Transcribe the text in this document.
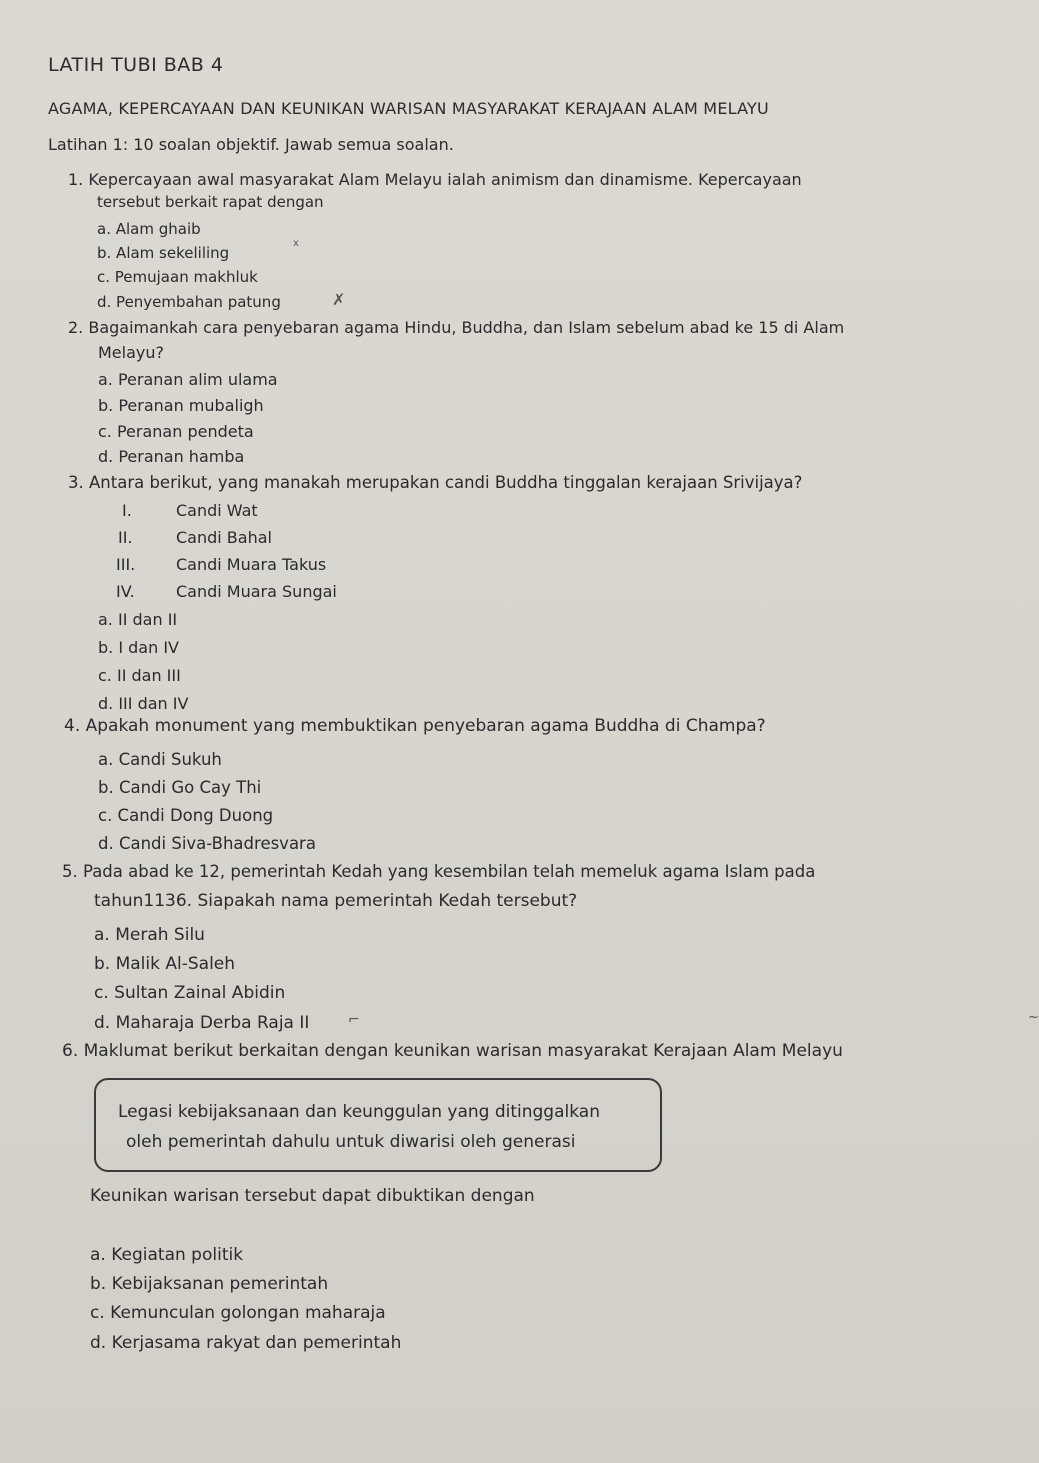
LATIH TUBI BAB 4
AGAMA, KEPERCAYAAN DAN KEUNIKAN WARISAN MASYARAKAT KERAJAAN ALAM MELAYU
Latihan 1: 10 soalan objektif. Jawab semua soalan.
1. Kepercayaan awal masyarakat Alam Melayu ialah animism dan dinamisme. Kepercayaan
tersebut berkait rapat dengan
a. Alam ghaib
b. Alam sekeliling
c. Pemujaan makhluk
d. Penyembahan patung
2. Bagaimankah cara penyebaran agama Hindu, Buddha, dan Islam sebelum abad ke 15 di Alam
Melayu?
a. Peranan alim ulama
b. Peranan mubaligh
c. Peranan pendeta
d. Peranan hamba
3. Antara berikut, yang manakah merupakan candi Buddha tinggalan kerajaan Srivijaya?
I.	Candi Wat
II.	Candi Bahal
III.	Candi Muara Takus
IV.	Candi Muara Sungai
a. II dan II
b. I dan IV
c. II dan III
d. III dan IV
4. Apakah monument yang membuktikan penyebaran agama Buddha di Champa?
a. Candi Sukuh
b. Candi Go Cay Thi
c. Candi Dong Duong
d. Candi Siva-Bhadresvara
5. Pada abad ke 12, pemerintah Kedah yang kesembilan telah memeluk agama Islam pada
tahun1136. Siapakah nama pemerintah Kedah tersebut?
a. Merah Silu
b. Malik Al-Saleh
c. Sultan Zainal Abidin
d. Maharaja Derba Raja II
6. Maklumat berikut berkaitan dengan keunikan warisan masyarakat Kerajaan Alam Melayu
Legasi kebijaksanaan dan keunggulan yang ditinggalkan
oleh pemerintah dahulu untuk diwarisi oleh generasi
Keunikan warisan tersebut dapat dibuktikan dengan
a. Kegiatan politik
b. Kebijaksanan pemerintah
c. Kemunculan golongan maharaja
d. Kerjasama rakyat dan pemerintah
✗
x
~
⌐
